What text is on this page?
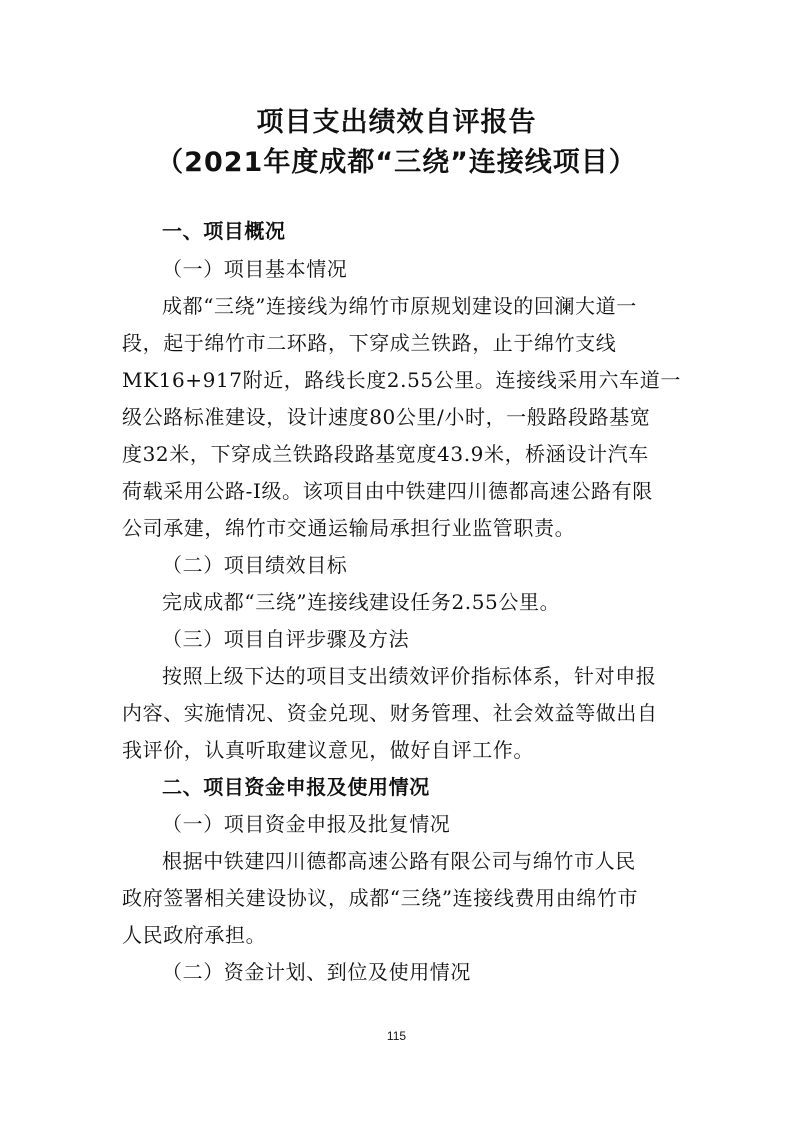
项目支出绩效自评报告

（2021年度成都“三绕”连接线项目）

一、项目概况

（一）项目基本情况

成都“三绕”连接线为绵竹市原规划建设的回澜大道一

段，起于绵竹市二环路，下穿成兰铁路，止于绵竹支线

MK16+917附近，路线长度2.55公里。连接线采用六车道一

级公路标准建设，设计速度80公里/小时，一般路段路基宽

度32米，下穿成兰铁路段路基宽度43.9米，桥涵设计汽车

荷载采用公路-I级。该项目由中铁建四川德都高速公路有限

公司承建，绵竹市交通运输局承担行业监管职责。

（二）项目绩效目标

完成成都“三绕”连接线建设任务2.55公里。

（三）项目自评步骤及方法

按照上级下达的项目支出绩效评价指标体系，针对申报

内容、实施情况、资金兑现、财务管理、社会效益等做出自

我评价，认真听取建议意见，做好自评工作。

二、项目资金申报及使用情况

（一）项目资金申报及批复情况

根据中铁建四川德都高速公路有限公司与绵竹市人民

政府签署相关建设协议，成都“三绕”连接线费用由绵竹市

人民政府承担。

（二）资金计划、到位及使用情况

115
